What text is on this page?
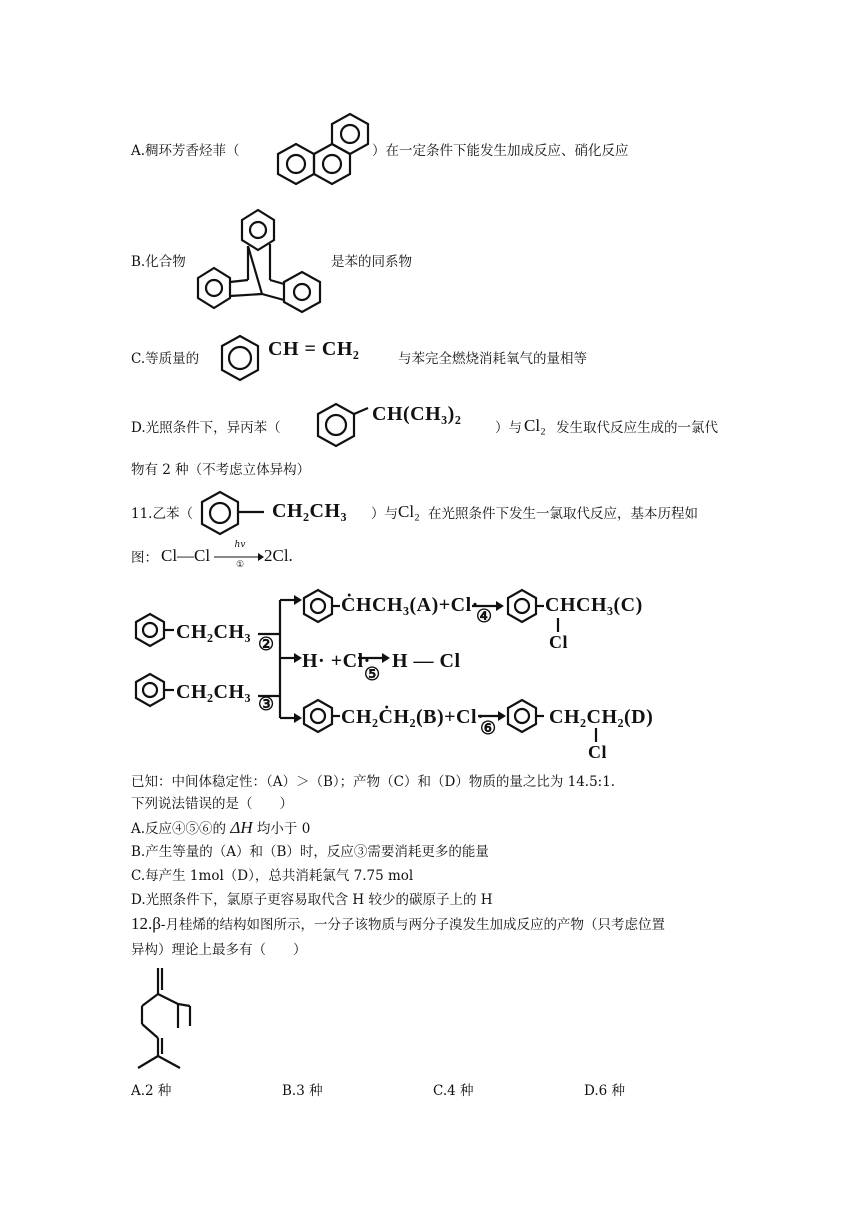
A.稠环芳香烃菲（	）在一定条件下能发生加成反应、硝化反应
B.化合物	是苯的同系物
C.等质量的	CH = CH₂	与苯完全燃烧消耗氧气的量相等
D.光照条件下，异丙苯（
CH(CH₃)₂
）与 Cl₂ 发生取代反应生成的一氯代
物有 2 种（不考虑立体异构）
11.乙苯（	CH₂CH₃ ）与 Cl₂ 在光照条件下发生一氯取代反应，基本历程如
图： Cl—Cl
hv
① 2Cl.
CH₂CH₃
CH₂CH₃
②
③
ĊHCH₃(A)+Cl·
④	CHCH₃(C)
Cl
H· +Cl·
⑤
H — Cl
CH₂ĊH₂(B)+Cl·
⑥	CH₂CH₂(D)
Cl
已知：中间体稳定性：（A）＞（B）；产物（C）和（D）物质的量之比为 14.5:1.
下列说法错误的是（　　）
A.反应④⑤⑥的 ΔH 均小于 0
B.产生等量的（A）和（B）时，反应③需要消耗更多的能量
C.每产生 1mol（D），总共消耗氯气 7.75 mol
D.光照条件下，氯原子更容易取代含 H 较少的碳原子上的 H
12.β-月桂烯的结构如图所示，一分子该物质与两分子溴发生加成反应的产物（只考虑位置
异构）理论上最多有（　　）
A.2 种	B.3 种	C.4 种	D.6 种
